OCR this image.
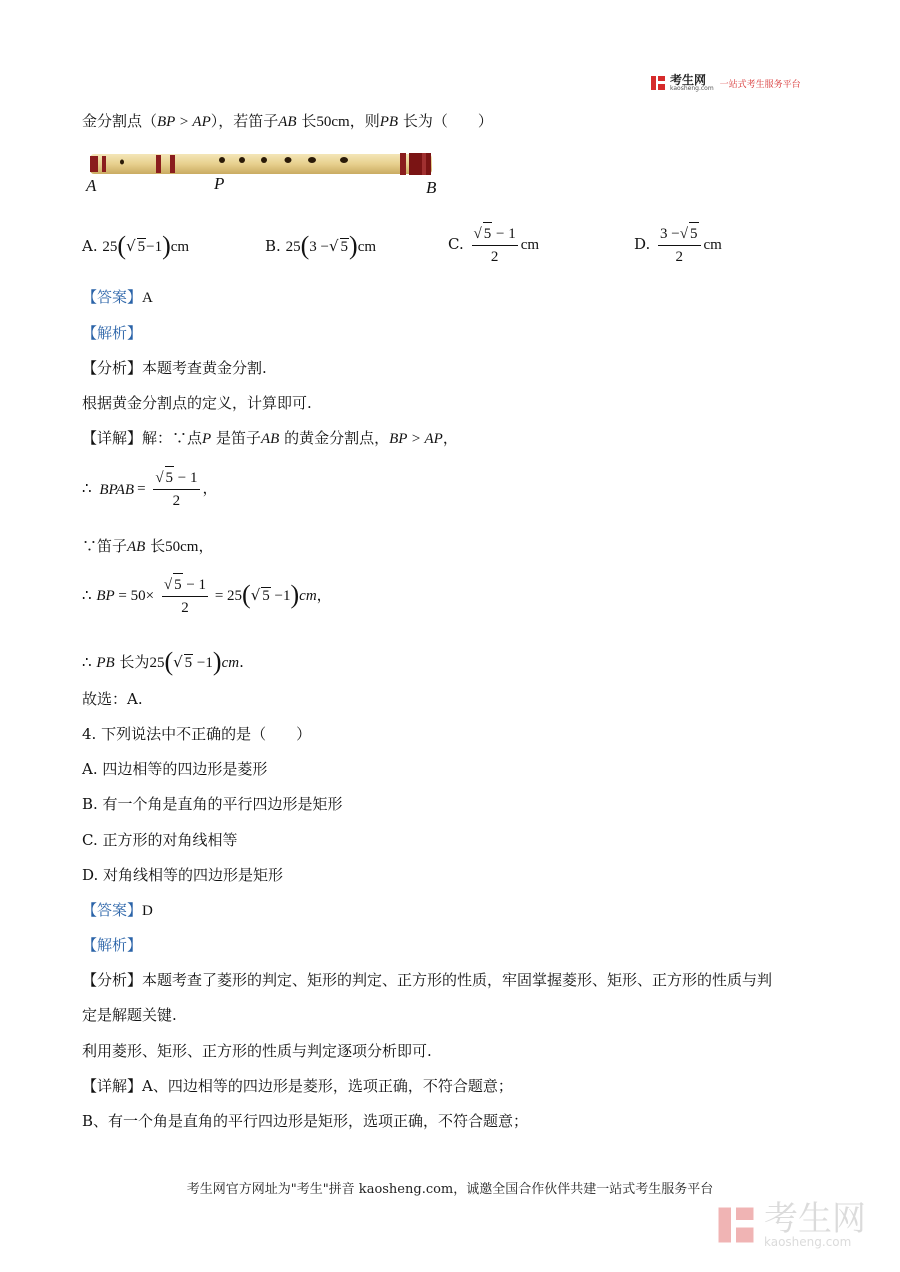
考生网
kaosheng.com 一站式考生服务平台
金分割点（BP > AP），若笛子AB 长50cm，则PB 长为（　　）
A	P	B
A. 25(√ 5−1)cm	B. 25(3 −√ 5)cm	C. $\frac{√ 5 - 1}{2}$ cm	D. $\frac{3 -√ 5}{2}$ cm
【答案】A
【解析】
【分析】本题考查黄金分割.
根据黄金分割点的定义，计算即可.
【详解】解：∵点P 是笛子AB 的黄金分割点，BP > AP，
∴ BPAB = $\frac{√ 5 - 1}{2}$ ，
∵笛子AB 长50cm，
∴ BP = $50\times \frac{√ 5 - 1}{2} = 25(√$ 5 −1)cm，
∴ PB 长为25(√ 5 −1)cm.
故选：A.
4. 下列说法中不正确的是（　　）
A. 四边相等的四边形是菱形
B. 有一个角是直角的平行四边形是矩形
C. 正方形的对角线相等
D. 对角线相等的四边形是矩形
【答案】D
【解析】
【分析】本题考查了菱形的判定、矩形的判定、正方形的性质，牢固掌握菱形、矩形、正方形的性质与判
定是解题关键.
利用菱形、矩形、正方形的性质与判定逐项分析即可.
【详解】A、四边相等的四边形是菱形，选项正确，不符合题意；
B、有一个角是直角的平行四边形是矩形，选项正确，不符合题意；
考生网官方网址为"考生"拼音 kaosheng.com，诚邀全国合作伙伴共建一站式考生服务平台
考生网
kaosheng.com
